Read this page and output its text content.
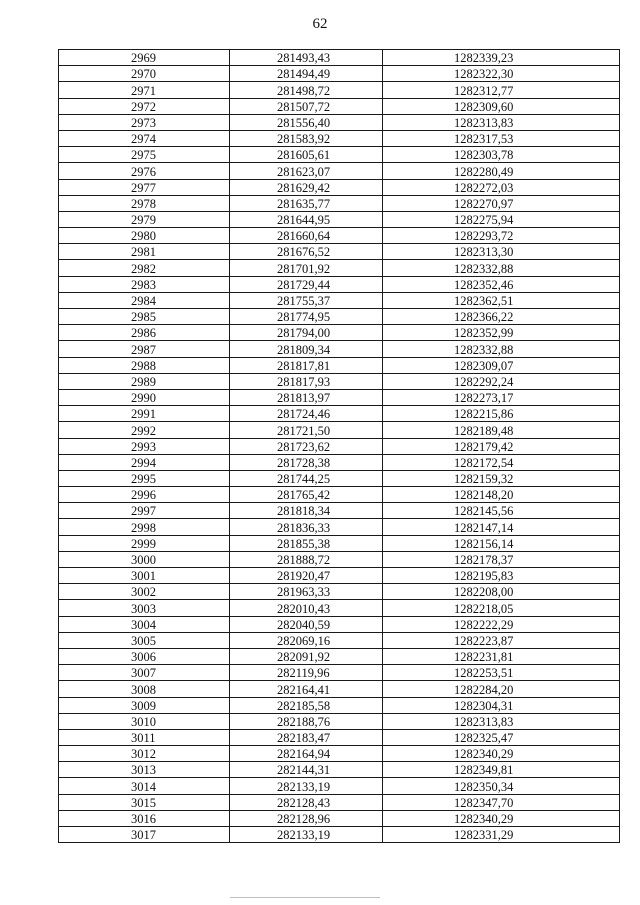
62
2969	281493,43	1282339,23
2970	281494,49	1282322,30
2971	281498,72	1282312,77
2972	281507,72	1282309,60
2973	281556,40	1282313,83
2974	281583,92	1282317,53
2975	281605,61	1282303,78
2976	281623,07	1282280,49
2977	281629,42	1282272,03
2978	281635,77	1282270,97
2979	281644,95	1282275,94
2980	281660,64	1282293,72
2981	281676,52	1282313,30
2982	281701,92	1282332,88
2983	281729,44	1282352,46
2984	281755,37	1282362,51
2985	281774,95	1282366,22
2986	281794,00	1282352,99
2987	281809,34	1282332,88
2988	281817,81	1282309,07
2989	281817,93	1282292,24
2990	281813,97	1282273,17
2991	281724,46	1282215,86
2992	281721,50	1282189,48
2993	281723,62	1282179,42
2994	281728,38	1282172,54
2995	281744,25	1282159,32
2996	281765,42	1282148,20
2997	281818,34	1282145,56
2998	281836,33	1282147,14
2999	281855,38	1282156,14
3000	281888,72	1282178,37
3001	281920,47	1282195,83
3002	281963,33	1282208,00
3003	282010,43	1282218,05
3004	282040,59	1282222,29
3005	282069,16	1282223,87
3006	282091,92	1282231,81
3007	282119,96	1282253,51
3008	282164,41	1282284,20
3009	282185,58	1282304,31
3010	282188,76	1282313,83
3011	282183,47	1282325,47
3012	282164,94	1282340,29
3013	282144,31	1282349,81
3014	282133,19	1282350,34
3015	282128,43	1282347,70
3016	282128,96	1282340,29
3017	282133,19	1282331,29
